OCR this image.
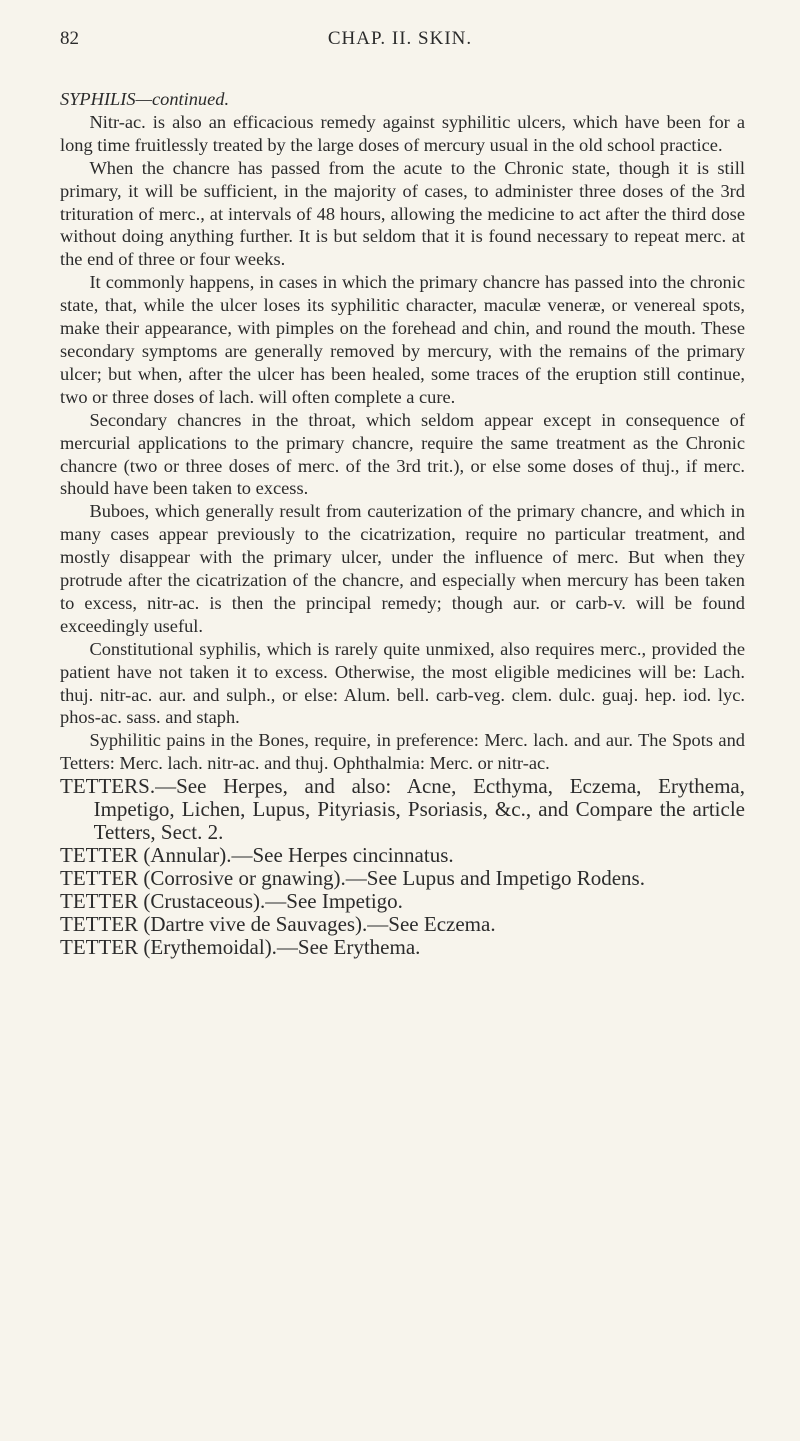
82	CHAP. II. SKIN.

SYPHILIS—continued.

Nitr-ac. is also an efficacious remedy against syphilitic ulcers, which have been for a long time fruitlessly treated by the large doses of mercury usual in the old school practice.

When the chancre has passed from the acute to the Chronic state, though it is still primary, it will be sufficient, in the majority of cases, to administer three doses of the 3rd trituration of merc., at intervals of 48 hours, allowing the medicine to act after the third dose without doing anything further. It is but seldom that it is found necessary to repeat merc. at the end of three or four weeks.

It commonly happens, in cases in which the primary chancre has passed into the chronic state, that, while the ulcer loses its syphilitic character, maculæ veneræ, or venereal spots, make their appearance, with pimples on the forehead and chin, and round the mouth. These secondary symptoms are generally removed by mercury, with the remains of the primary ulcer; but when, after the ulcer has been healed, some traces of the eruption still continue, two or three doses of lach. will often complete a cure.

Secondary chancres in the throat, which seldom appear except in consequence of mercurial applications to the primary chancre, require the same treatment as the Chronic chancre (two or three doses of merc. of the 3rd trit.), or else some doses of thuj., if merc. should have been taken to excess.

Buboes, which generally result from cauterization of the primary chancre, and which in many cases appear previously to the cicatrization, require no particular treatment, and mostly disappear with the primary ulcer, under the influence of merc. But when they protrude after the cicatrization of the chancre, and especially when mercury has been taken to excess, nitr-ac. is then the principal remedy; though aur. or carb-v. will be found exceedingly useful.

Constitutional syphilis, which is rarely quite unmixed, also requires merc., provided the patient have not taken it to excess. Otherwise, the most eligible medicines will be: Lach. thuj. nitr-ac. aur. and sulph., or else: Alum. bell. carb-veg. clem. dulc. guaj. hep. iod. lyc. phos-ac. sass. and staph.

Syphilitic pains in the Bones, require, in preference: Merc. lach. and aur. The Spots and Tetters: Merc. lach. nitr-ac. and thuj. Ophthalmia: Merc. or nitr-ac.

TETTERS.—See Herpes, and also: Acne, Ecthyma, Eczema, Erythema, Impetigo, Lichen, Lupus, Pityriasis, Psoriasis, &c., and Compare the article Tetters, Sect. 2.

TETTER (Annular).—See Herpes cincinnatus.

TETTER (Corrosive or gnawing).—See Lupus and Impetigo Rodens.

TETTER (Crustaceous).—See Impetigo.

TETTER (Dartre vive de Sauvages).—See Eczema.

TETTER (Erythemoidal).—See Erythema.
